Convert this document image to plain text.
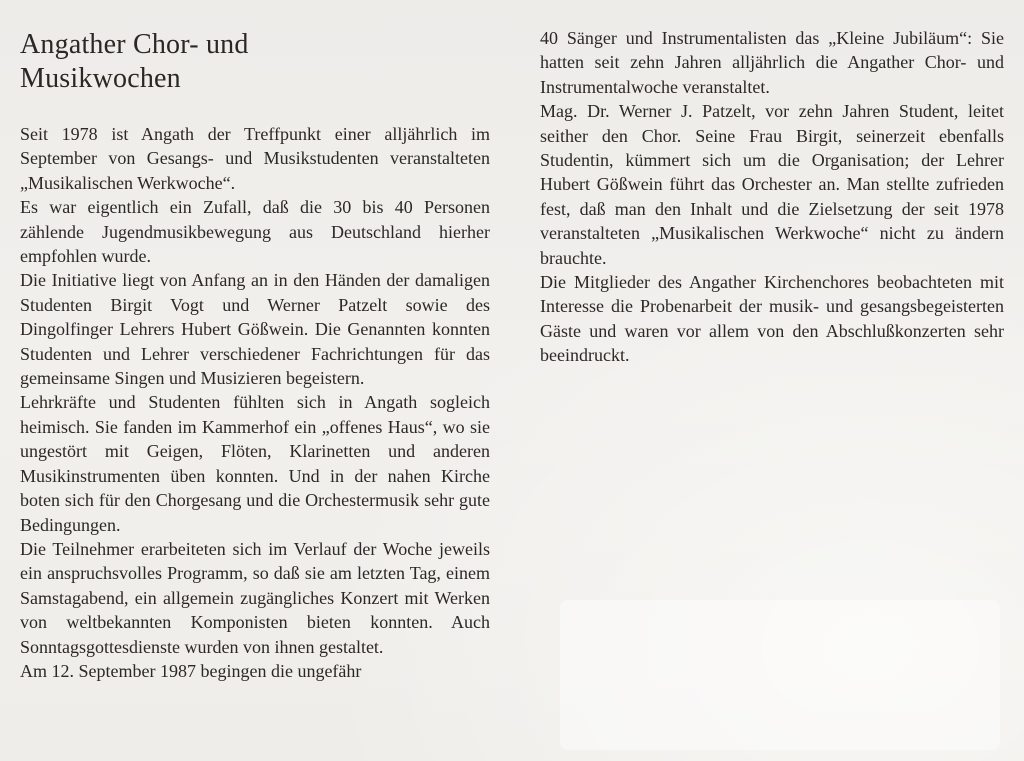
Angather Chor- und
Musikwochen

Seit 1978 ist Angath der Treffpunkt einer alljährlich im September von Gesangs- und Musikstudenten veranstalteten „Musikalischen Werkwoche“.

Es war eigentlich ein Zufall, daß die 30 bis 40 Personen zählende Jugendmusikbewegung aus Deutschland hierher empfohlen wurde.

Die Initiative liegt von Anfang an in den Händen der damaligen Studenten Birgit Vogt und Werner Patzelt sowie des Dingolfinger Lehrers Hubert Gößwein. Die Genannten konnten Studenten und Lehrer verschiedener Fachrichtungen für das gemeinsame Singen und Musizieren begeistern.

Lehrkräfte und Studenten fühlten sich in Angath sogleich heimisch. Sie fanden im Kammerhof ein „offenes Haus“, wo sie ungestört mit Geigen, Flöten, Klarinetten und anderen Musikinstrumenten üben konnten. Und in der nahen Kirche boten sich für den Chorgesang und die Orchestermusik sehr gute Bedingungen.

Die Teilnehmer erarbeiteten sich im Verlauf der Woche jeweils ein anspruchsvolles Programm, so daß sie am letzten Tag, einem Samstagabend, ein allgemein zugängliches Konzert mit Werken von weltbekannten Komponisten bieten konnten. Auch Sonntagsgottesdienste wurden von ihnen gestaltet.

Am 12. September 1987 begingen die ungefähr

40 Sänger und Instrumentalisten das „Kleine Jubiläum“: Sie hatten seit zehn Jahren alljährlich die Angather Chor- und Instrumentalwoche veranstaltet.

Mag. Dr. Werner J. Patzelt, vor zehn Jahren Student, leitet seither den Chor. Seine Frau Birgit, seinerzeit ebenfalls Studentin, kümmert sich um die Organisation; der Lehrer Hubert Gößwein führt das Orchester an. Man stellte zufrieden fest, daß man den Inhalt und die Zielsetzung der seit 1978 veranstalteten „Musikalischen Werkwoche“ nicht zu ändern brauchte.

Die Mitglieder des Angather Kirchenchores beobachteten mit Interesse die Probenarbeit der musik- und gesangsbegeisterten Gäste und waren vor allem von den Abschlußkonzerten sehr beeindruckt.
